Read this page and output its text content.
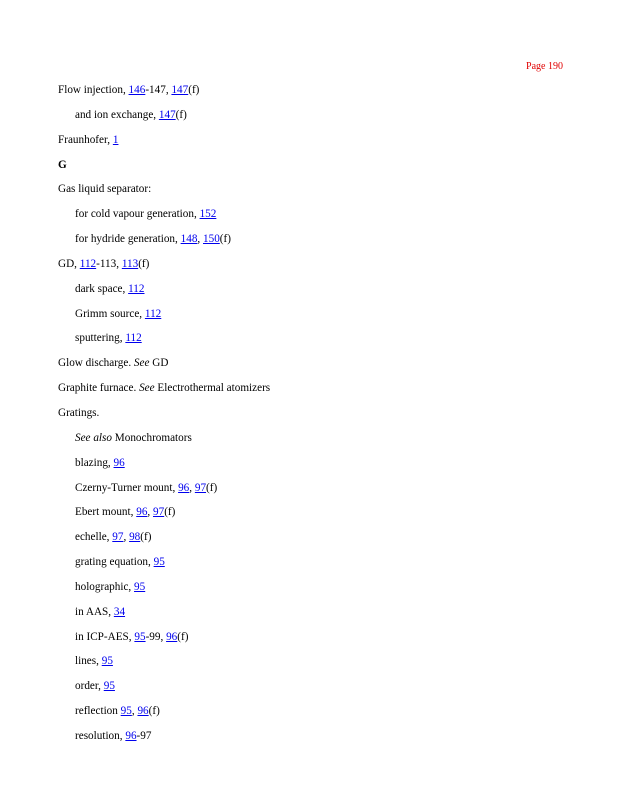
Page 190
Flow injection, 146-147, 147(f)
and ion exchange, 147(f)
Fraunhofer, 1
G
Gas liquid separator:
for cold vapour generation, 152
for hydride generation, 148, 150(f)
GD, 112-113, 113(f)
dark space, 112
Grimm source, 112
sputtering, 112
Glow discharge. See GD
Graphite furnace. See Electrothermal atomizers
Gratings.
See also Monochromators
blazing, 96
Czerny-Turner mount, 96, 97(f)
Ebert mount, 96, 97(f)
echelle, 97, 98(f)
grating equation, 95
holographic, 95
in AAS, 34
in ICP-AES, 95-99, 96(f)
lines, 95
order, 95
reflection 95, 96(f)
resolution, 96-97
